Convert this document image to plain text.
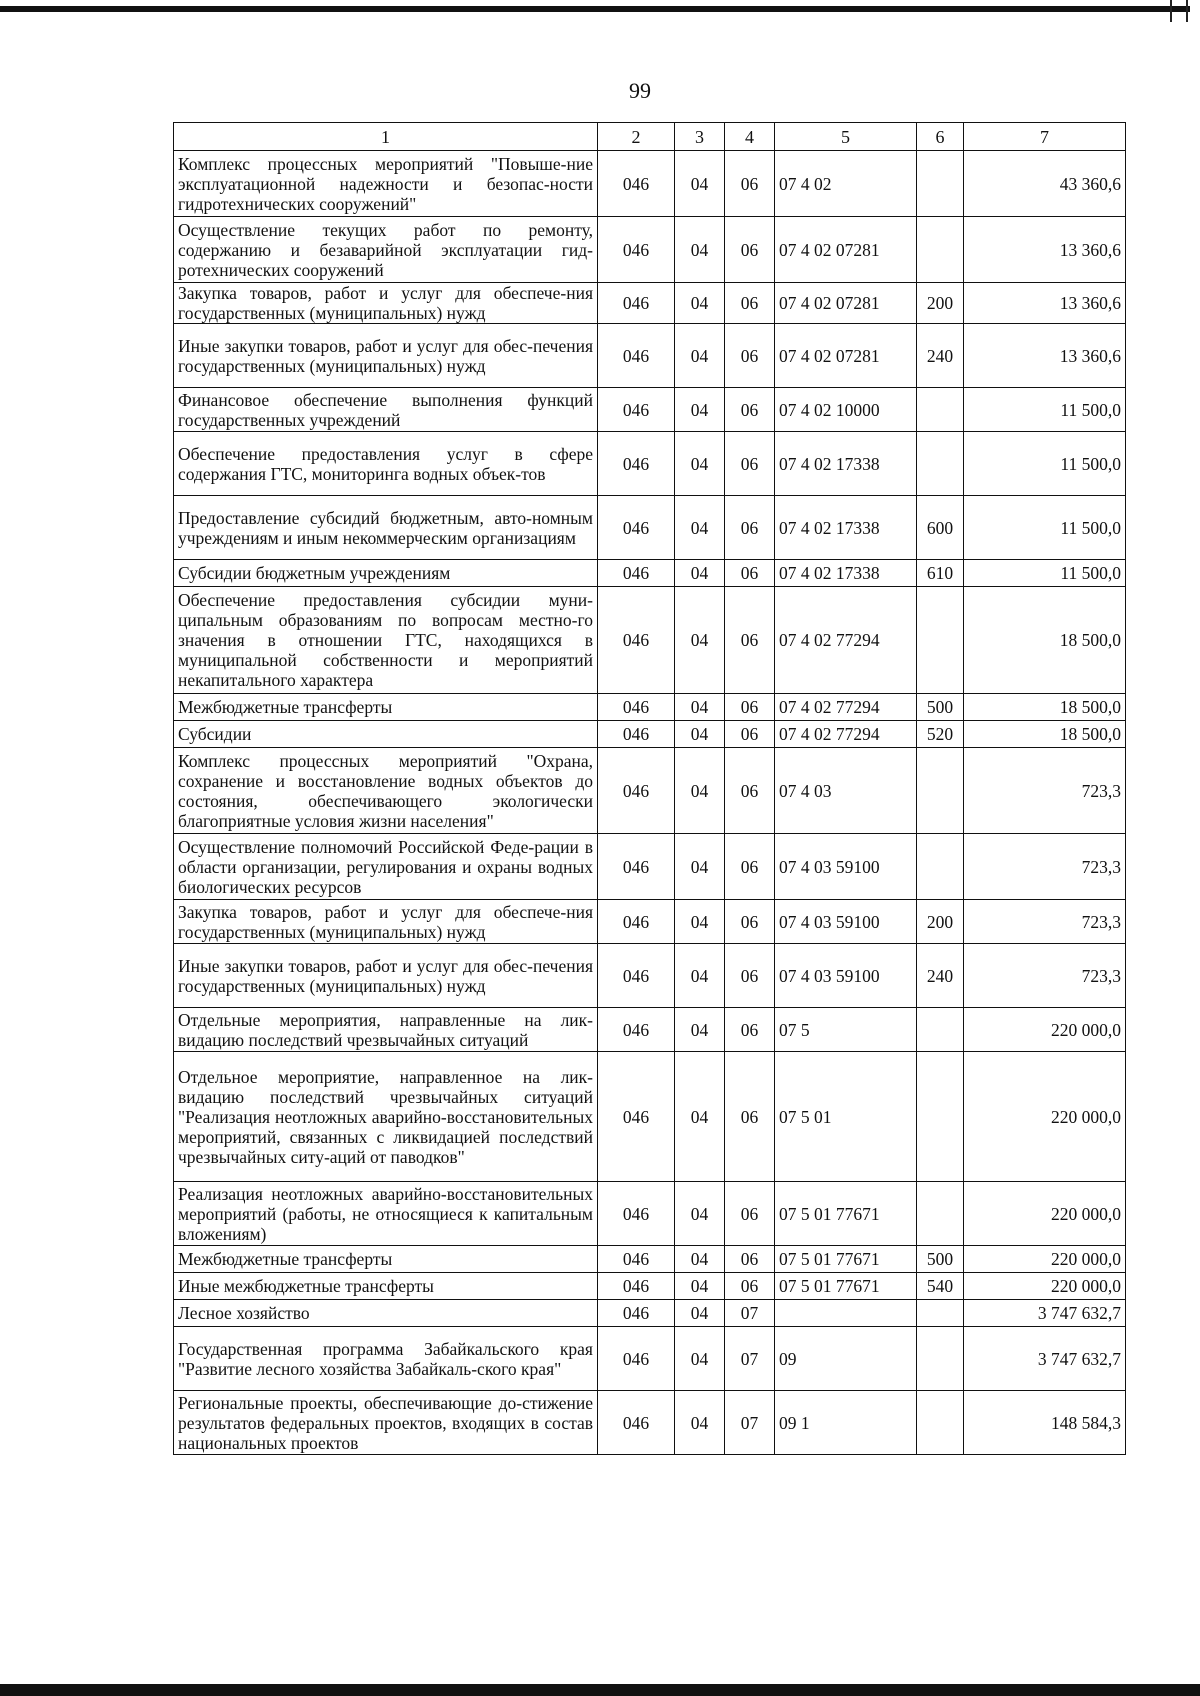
99
1	2	3	4	5	6	7
Комплекс процессных мероприятий "Повыше-ние эксплуатационной надежности и безопас-ности гидротехнических сооружений"	046	04	06	07 4 02		43 360,6
Осуществление текущих работ по ремонту, содержанию и безаварийной эксплуатации гид-ротехнических сооружений	046	04	06	07 4 02 07281		13 360,6
Закупка товаров, работ и услуг для обеспече-ния государственных (муниципальных) нужд	046	04	06	07 4 02 07281	200	13 360,6
Иные закупки товаров, работ и услуг для обес-печения государственных (муниципальных) нужд	046	04	06	07 4 02 07281	240	13 360,6
Финансовое обеспечение выполнения функций государственных учреждений	046	04	06	07 4 02 10000		11 500,0
Обеспечение предоставления услуг в сфере содержания ГТС, мониторинга водных объек-тов	046	04	06	07 4 02 17338		11 500,0
Предоставление субсидий бюджетным, авто-номным учреждениям и иным некоммерческим организациям	046	04	06	07 4 02 17338	600	11 500,0
Субсидии бюджетным учреждениям	046	04	06	07 4 02 17338	610	11 500,0
Обеспечение предоставления субсидии муни-ципальным образованиям по вопросам местно-го значения в отношении ГТС, находящихся в муниципальной собственности и мероприятий некапитального характера	046	04	06	07 4 02 77294		18 500,0
Межбюджетные трансферты	046	04	06	07 4 02 77294	500	18 500,0
Субсидии	046	04	06	07 4 02 77294	520	18 500,0
Комплекс процессных мероприятий "Охрана, сохранение и восстановление водных объектов до состояния, обеспечивающего экологически благоприятные условия жизни населения"	046	04	06	07 4 03		723,3
Осуществление полномочий Российской Феде-рации в области организации, регулирования и охраны водных биологических ресурсов	046	04	06	07 4 03 59100		723,3
Закупка товаров, работ и услуг для обеспече-ния государственных (муниципальных) нужд	046	04	06	07 4 03 59100	200	723,3
Иные закупки товаров, работ и услуг для обес-печения государственных (муниципальных) нужд	046	04	06	07 4 03 59100	240	723,3
Отдельные мероприятия, направленные на лик-видацию последствий чрезвычайных ситуаций	046	04	06	07 5		220 000,0
Отдельное мероприятие, направленное на лик-видацию последствий чрезвычайных ситуаций "Реализация неотложных аварийно-восстановительных мероприятий, связанных с ликвидацией последствий чрезвычайных ситу-аций от паводков"	046	04	06	07 5 01		220 000,0
Реализация неотложных аварийно-восстановительных мероприятий (работы, не относящиеся к капитальным вложениям)	046	04	06	07 5 01 77671		220 000,0
Межбюджетные трансферты	046	04	06	07 5 01 77671	500	220 000,0
Иные межбюджетные трансферты	046	04	06	07 5 01 77671	540	220 000,0
Лесное хозяйство	046	04	07			3 747 632,7
Государственная программа Забайкальского края "Развитие лесного хозяйства Забайкаль-ского края"	046	04	07	09		3 747 632,7
Региональные проекты, обеспечивающие до-стижение результатов федеральных проектов, входящих в состав национальных проектов	046	04	07	09 1		148 584,3
